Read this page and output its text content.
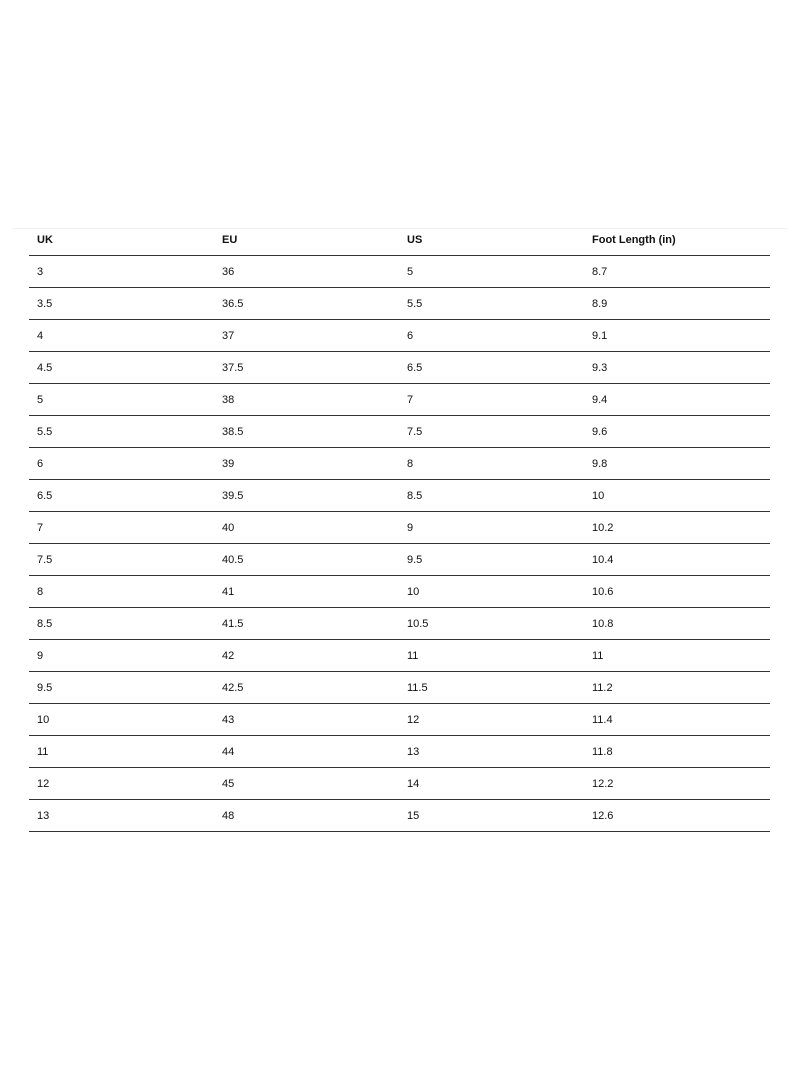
UK	EU	US	Foot Length (in)
3	36	5	8.7
3.5	36.5	5.5	8.9
4	37	6	9.1
4.5	37.5	6.5	9.3
5	38	7	9.4
5.5	38.5	7.5	9.6
6	39	8	9.8
6.5	39.5	8.5	10
7	40	9	10.2
7.5	40.5	9.5	10.4
8	41	10	10.6
8.5	41.5	10.5	10.8
9	42	11	11
9.5	42.5	11.5	11.2
10	43	12	11.4
11	44	13	11.8
12	45	14	12.2
13	48	15	12.6
